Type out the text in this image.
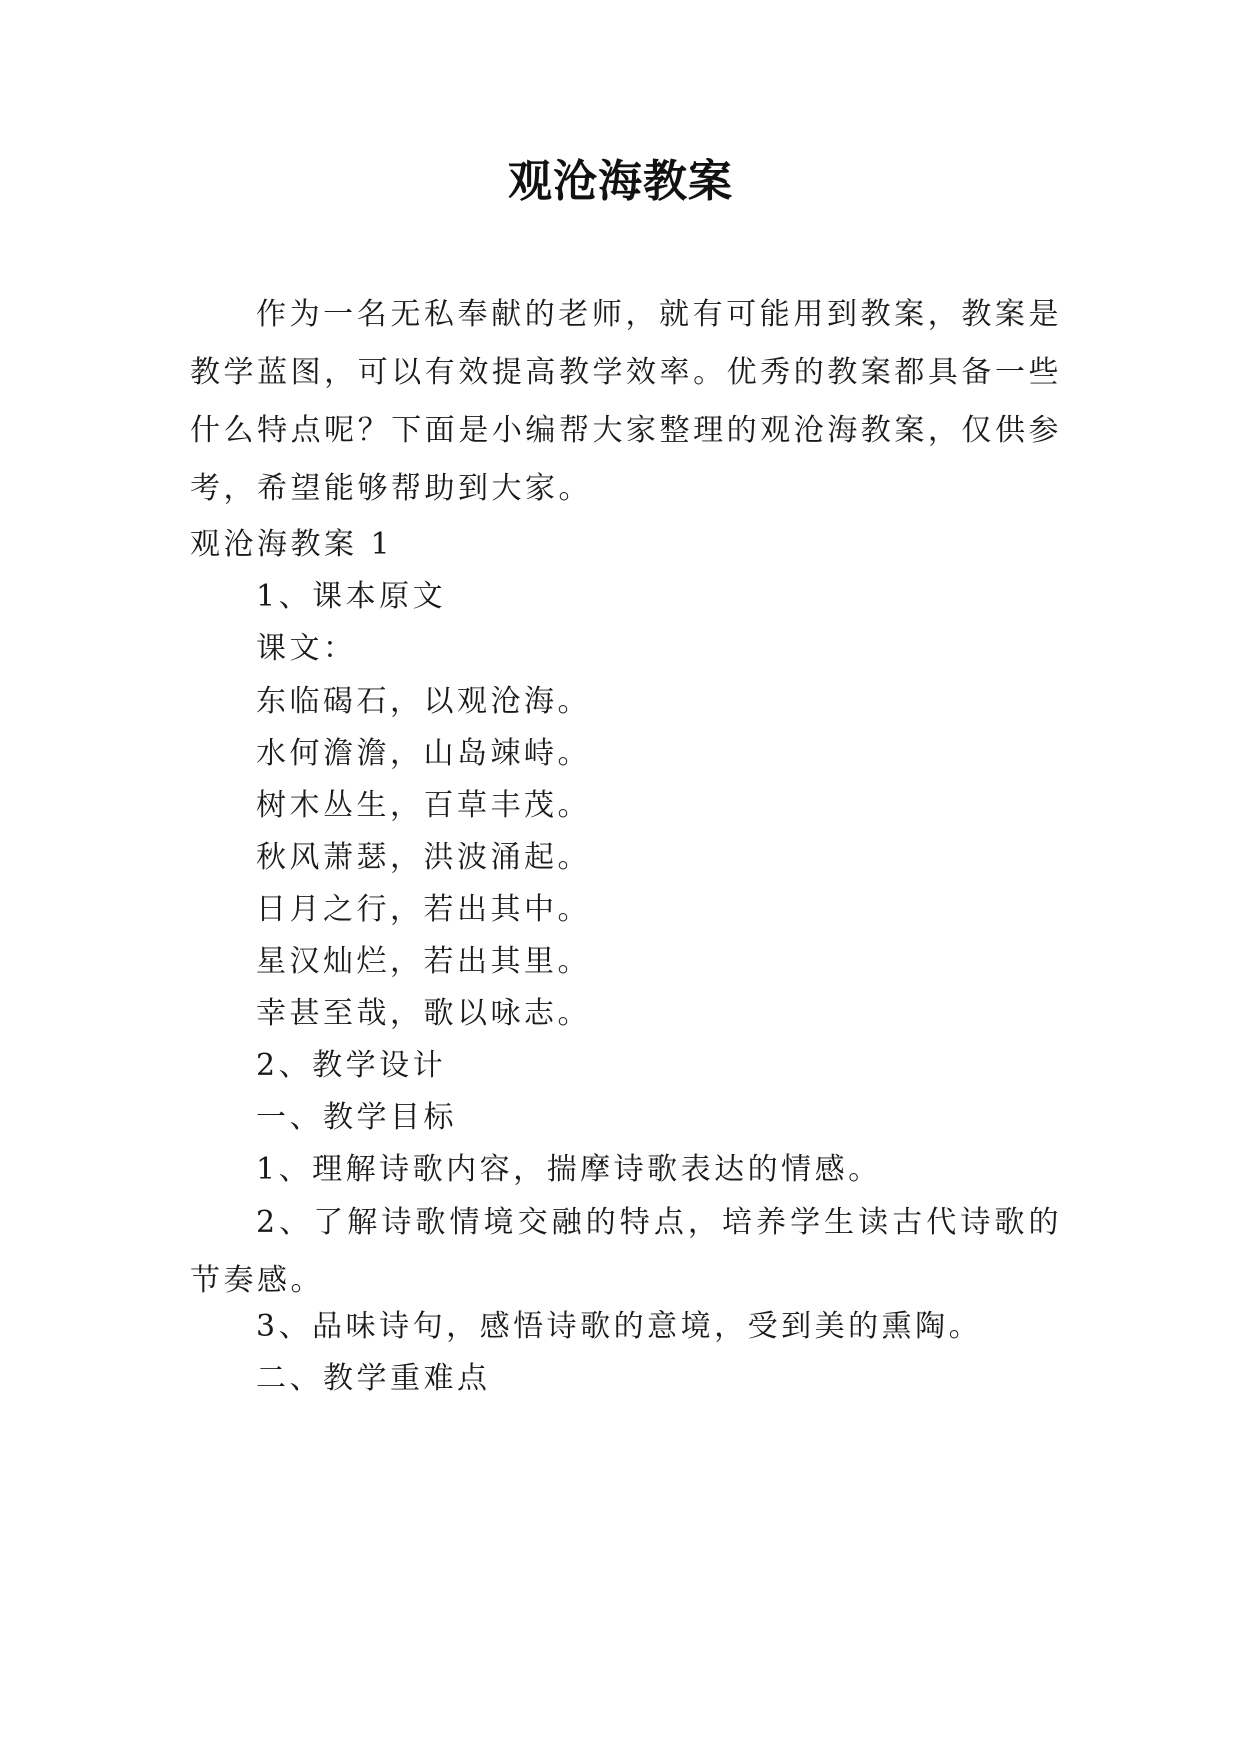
观沧海教案
作为一名无私奉献的老师，就有可能用到教案，教案是教学蓝图，可以有效提高教学效率。优秀的教案都具备一些什么特点呢？下面是小编帮大家整理的观沧海教案，仅供参考，希望能够帮助到大家。
观沧海教案 1
1、课本原文
课文：
东临碣石，以观沧海。
水何澹澹，山岛竦峙。
树木丛生，百草丰茂。
秋风萧瑟，洪波涌起。
日月之行，若出其中。
星汉灿烂，若出其里。
幸甚至哉，歌以咏志。
2、教学设计
一、教学目标
1、理解诗歌内容，揣摩诗歌表达的情感。
2、了解诗歌情境交融的特点，培养学生读古代诗歌的节奏感。
3、品味诗句，感悟诗歌的意境，受到美的熏陶。
二、教学重难点
